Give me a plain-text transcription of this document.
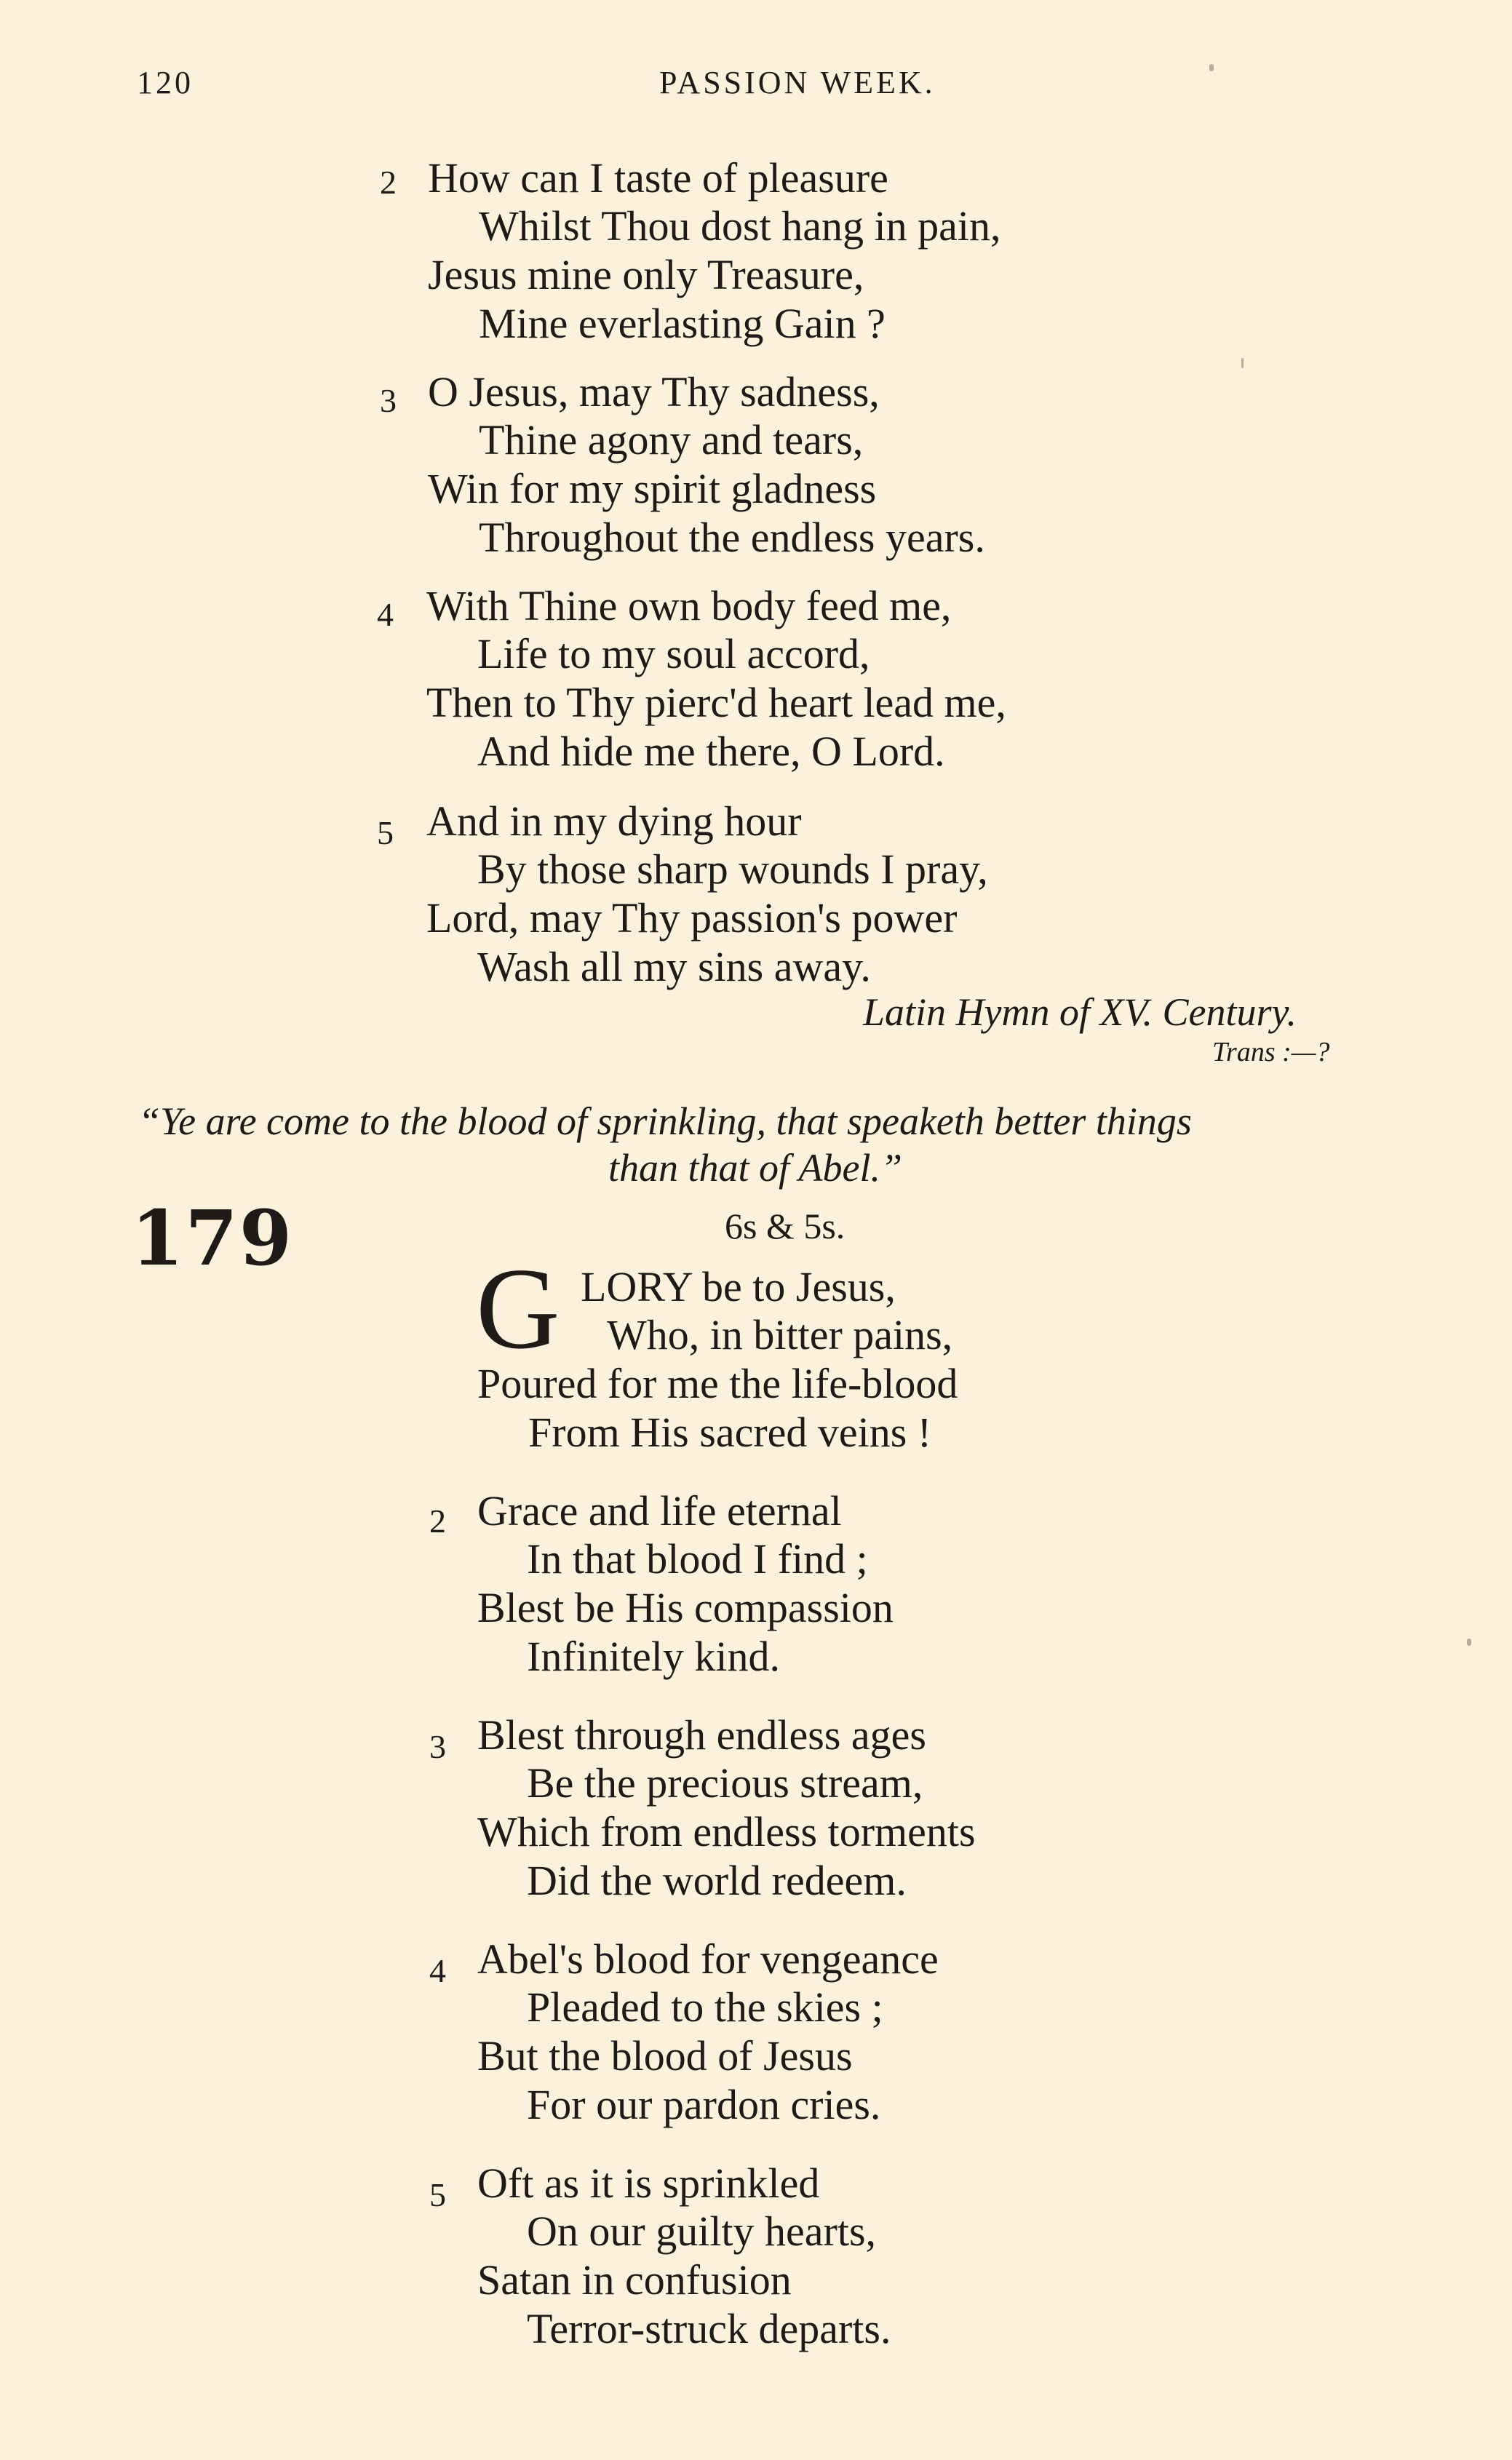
120	PASSION WEEK.
2 How can I taste of pleasure
Whilst Thou dost hang in pain,
Jesus mine only Treasure,
Mine everlasting Gain ?
3 O Jesus, may Thy sadness,
Thine agony and tears,
Win for my spirit gladness
Throughout the endless years.
4 With Thine own body feed me,
Life to my soul accord,
Then to Thy pierc'd heart lead me,
And hide me there, O Lord.
5 And in my dying hour
By those sharp wounds I pray,
Lord, may Thy passion's power
Wash all my sins away.
Latin Hymn of XV. Century.
Trans :—?
“Ye are come to the blood of sprinkling, that speaketh better things
than that of Abel.”
179	6s & 5s.
G LORY be to Jesus,
Who, in bitter pains,
Poured for me the life-blood
From His sacred veins !
2 Grace and life eternal
In that blood I find ;
Blest be His compassion
Infinitely kind.
3 Blest through endless ages
Be the precious stream,
Which from endless torments
Did the world redeem.
4 Abel's blood for vengeance
Pleaded to the skies ;
But the blood of Jesus
For our pardon cries.
5 Oft as it is sprinkled
On our guilty hearts,
Satan in confusion
Terror-struck departs.
